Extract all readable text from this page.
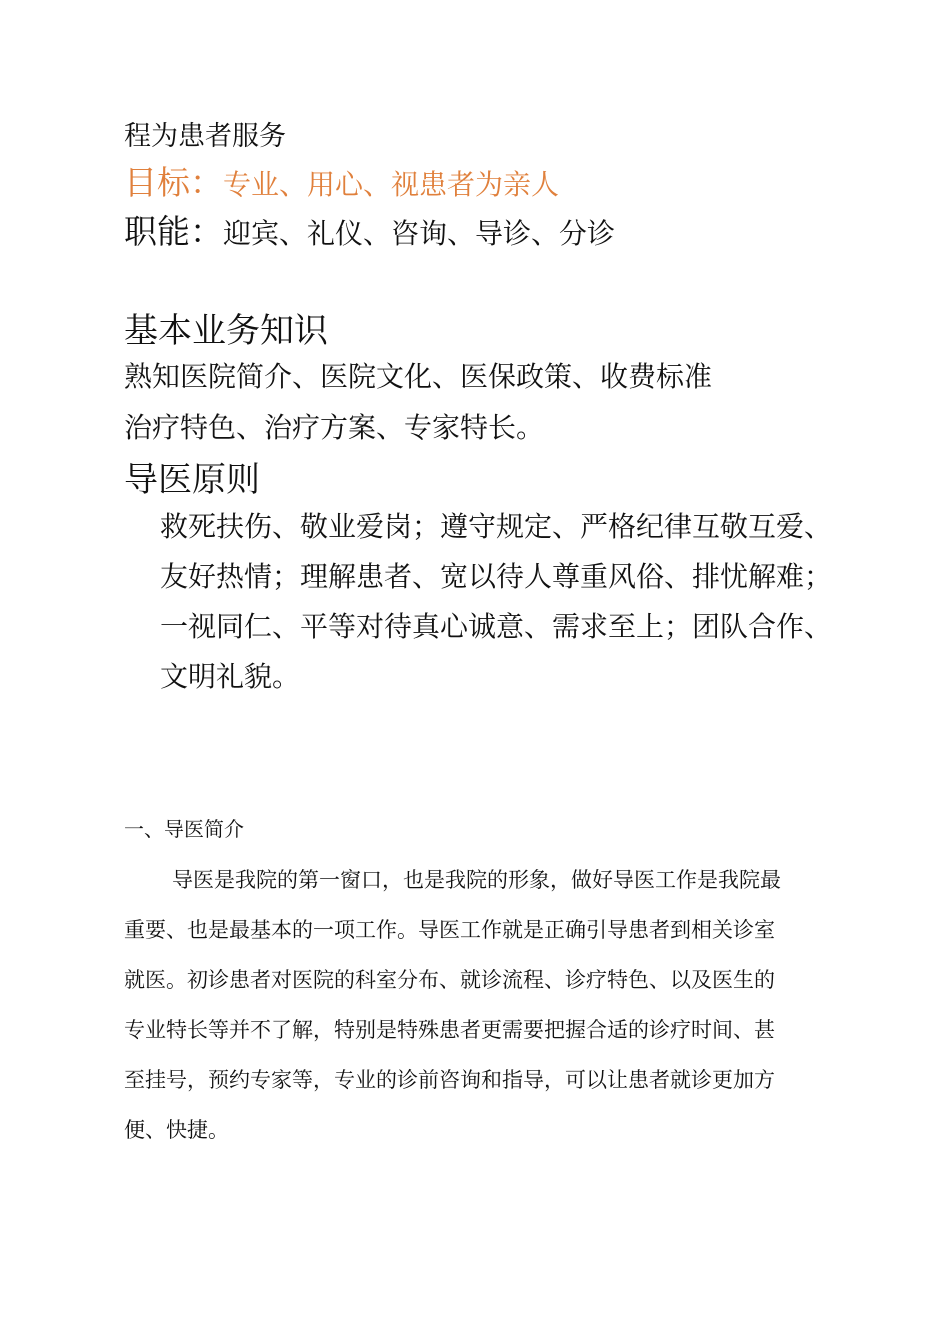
程为患者服务

目标：专业、用心、视患者为亲人

职能：迎宾、礼仪、咨询、导诊、分诊

基本业务知识

熟知医院简介、医院文化、医保政策、收费标准

治疗特色、治疗方案、专家特长。

导医原则

救死扶伤、敬业爱岗；遵守规定、严格纪律互敬互爱、

友好热情；理解患者、宽以待人尊重风俗、排忧解难；

一视同仁、平等对待真心诚意、需求至上；团队合作、

文明礼貌。

一、导医简介

导医是我院的第一窗口，也是我院的形象，做好导医工作是我院最

重要、也是最基本的一项工作。导医工作就是正确引导患者到相关诊室

就医。初诊患者对医院的科室分布、就诊流程、诊疗特色、以及医生的

专业特长等并不了解，特别是特殊患者更需要把握合适的诊疗时间、甚

至挂号，预约专家等，专业的诊前咨询和指导，可以让患者就诊更加方

便、快捷。
